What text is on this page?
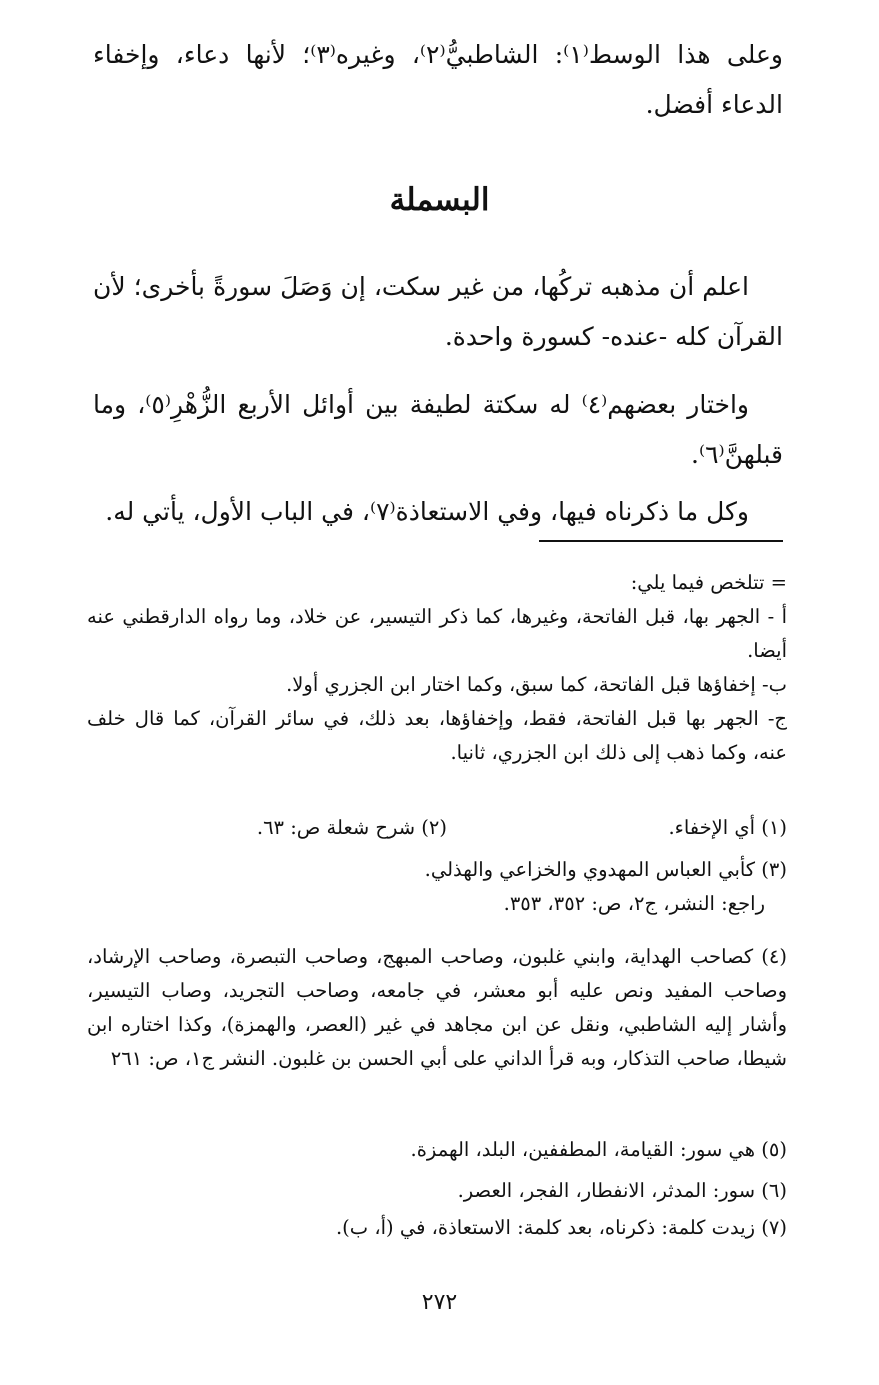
وعلى هذا الوسط⁽١⁾: الشاطبيُّ⁽٢⁾، وغيره⁽٣⁾؛ لأنها دعاء، وإخفاء الدعاء أفضل.
البسملة
اعلم أن مذهبه تركُها، من غير سكت، إن وَصَلَ سورةً بأخرى؛ لأن القرآن كله -عنده- كسورة واحدة.
واختار بعضهم⁽٤⁾ له سكتة لطيفة بين أوائل الأربع الزُّهْرِ⁽٥⁾، وما قبلهنَّ⁽٦⁾.
وكل ما ذكرناه فيها، وفي الاستعاذة⁽٧⁾، في الباب الأول، يأتي له.
= تتلخص فيما يلي:
أ - الجهر بها، قبل الفاتحة، وغيرها، كما ذكر التيسير، عن خلاد، وما رواه الدارقطني عنه أيضا.
ب- إخفاؤها قبل الفاتحة، كما سبق، وكما اختار ابن الجزري أولا.
ج- الجهر بها قبل الفاتحة، فقط، وإخفاؤها، بعد ذلك، في سائر القرآن، كما قال خلف عنه، وكما ذهب إلى ذلك ابن الجزري، ثانيا.
(١) أي الإخفاء.
(٢) شرح شعلة ص: ٦٣.
(٣) كأبي العباس المهدوي والخزاعي والهذلي.
راجع: النشر، ج٢، ص: ٣٥٢، ٣٥٣.
(٤) كصاحب الهداية، وابني غلبون، وصاحب المبهج، وصاحب التبصرة، وصاحب الإرشاد، وصاحب المفيد ونص عليه أبو معشر، في جامعه، وصاحب التجريد، وصاب التيسير، وأشار إليه الشاطبي، ونقل عن ابن مجاهد في غير (العصر، والهمزة)، وكذا اختاره ابن شيطا، صاحب التذكار، وبه قرأ الداني على أبي الحسن بن غلبون. النشر ج١، ص: ٢٦١
(٥) هي سور: القيامة، المطففين، البلد، الهمزة.
(٦) سور: المدثر، الانفطار، الفجر، العصر.
(٧) زيدت كلمة: ذكرناه، بعد كلمة: الاستعاذة، في (أ، ب).
٢٧٢
